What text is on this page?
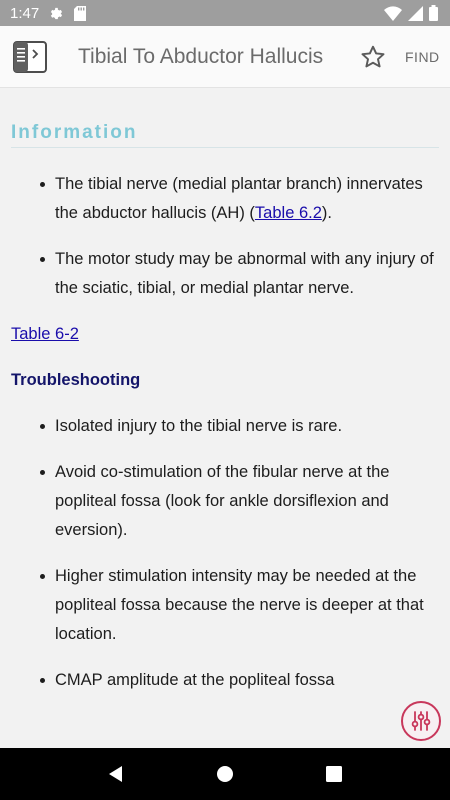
1:47
Tibial To Abductor Hallucis	FIND
Information
The tibial nerve (medial plantar branch) innervates the abductor hallucis (AH) (Table 6.2).
The motor study may be abnormal with any injury of the sciatic, tibial, or medial plantar nerve.
Table 6-2
Troubleshooting
Isolated injury to the tibial nerve is rare.
Avoid co-stimulation of the fibular nerve at the popliteal fossa (look for ankle dorsiflexion and eversion).
Higher stimulation intensity may be needed at the popliteal fossa because the nerve is deeper at that location.
CMAP amplitude at the popliteal fossa
